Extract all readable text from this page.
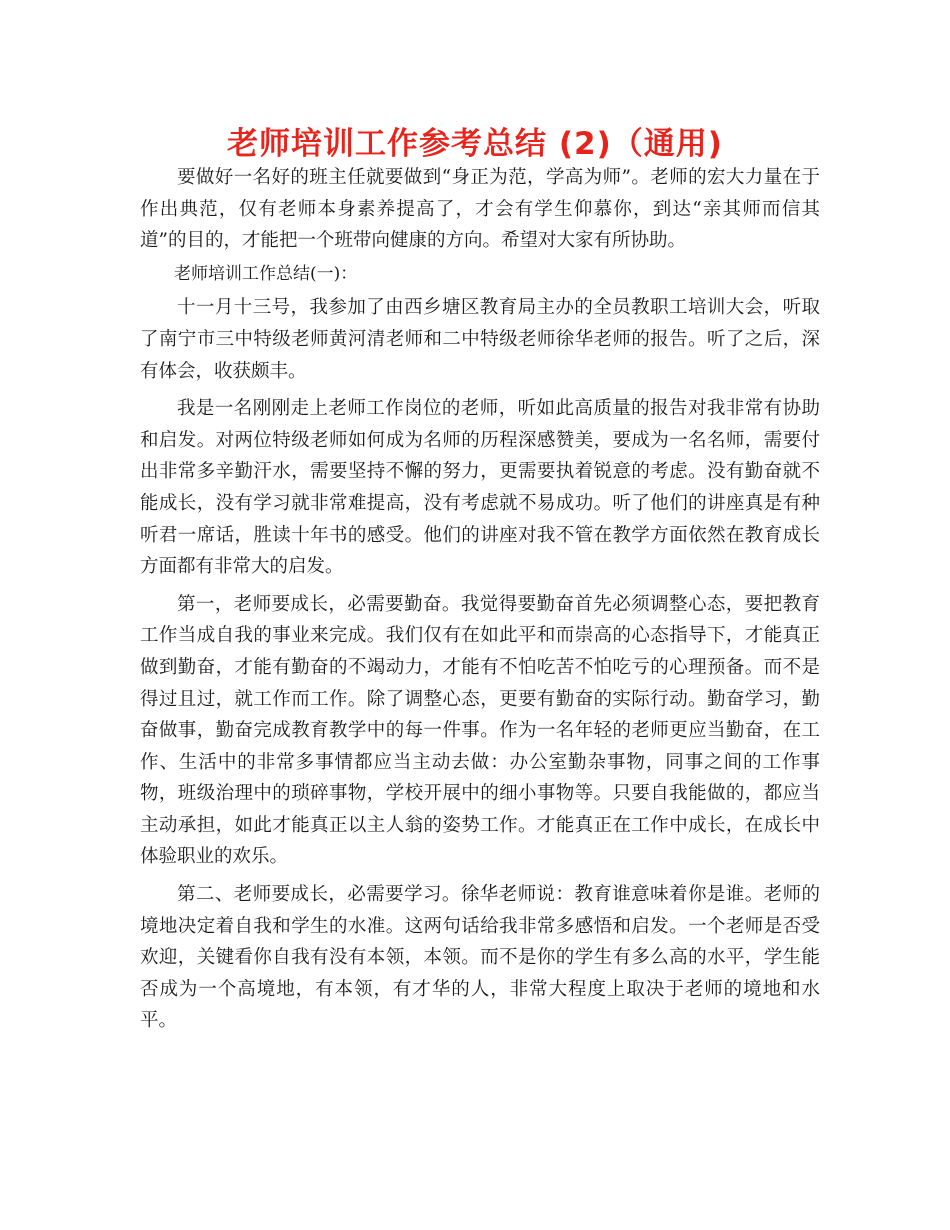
老师培训工作参考总结 (2)（通用)

要做好一名好的班主任就要做到“身正为范，学高为师”。老师的宏大力量在于作出典范，仅有老师本身素养提高了，才会有学生仰慕你，到达“亲其师而信其道”的目的，才能把一个班带向健康的方向。希望对大家有所协助。

老师培训工作总结(一)：

十一月十三号，我参加了由西乡塘区教育局主办的全员教职工培训大会，听取了南宁市三中特级老师黄河清老师和二中特级老师徐华老师的报告。听了之后，深有体会，收获颇丰。

我是一名刚刚走上老师工作岗位的老师，听如此高质量的报告对我非常有协助和启发。对两位特级老师如何成为名师的历程深感赞美，要成为一名名师，需要付出非常多辛勤汗水，需要坚持不懈的努力，更需要执着锐意的考虑。没有勤奋就不能成长，没有学习就非常难提高，没有考虑就不易成功。听了他们的讲座真是有种听君一席话，胜读十年书的感受。他们的讲座对我不管在教学方面依然在教育成长方面都有非常大的启发。

第一，老师要成长，必需要勤奋。我觉得要勤奋首先必须调整心态，要把教育工作当成自我的事业来完成。我们仅有在如此平和而崇高的心态指导下，才能真正做到勤奋，才能有勤奋的不竭动力，才能有不怕吃苦不怕吃亏的心理预备。而不是得过且过，就工作而工作。除了调整心态，更要有勤奋的实际行动。勤奋学习，勤奋做事，勤奋完成教育教学中的每一件事。作为一名年轻的老师更应当勤奋，在工作、生活中的非常多事情都应当主动去做：办公室勤杂事物，同事之间的工作事物，班级治理中的琐碎事物，学校开展中的细小事物等。只要自我能做的，都应当主动承担，如此才能真正以主人翁的姿势工作。才能真正在工作中成长，在成长中体验职业的欢乐。

第二、老师要成长，必需要学习。徐华老师说：教育谁意味着你是谁。老师的境地决定着自我和学生的水准。这两句话给我非常多感悟和启发。一个老师是否受欢迎，关键看你自我有没有本领，本领。而不是你的学生有多么高的水平，学生能否成为一个高境地，有本领，有才华的人，非常大程度上取决于老师的境地和水平。
